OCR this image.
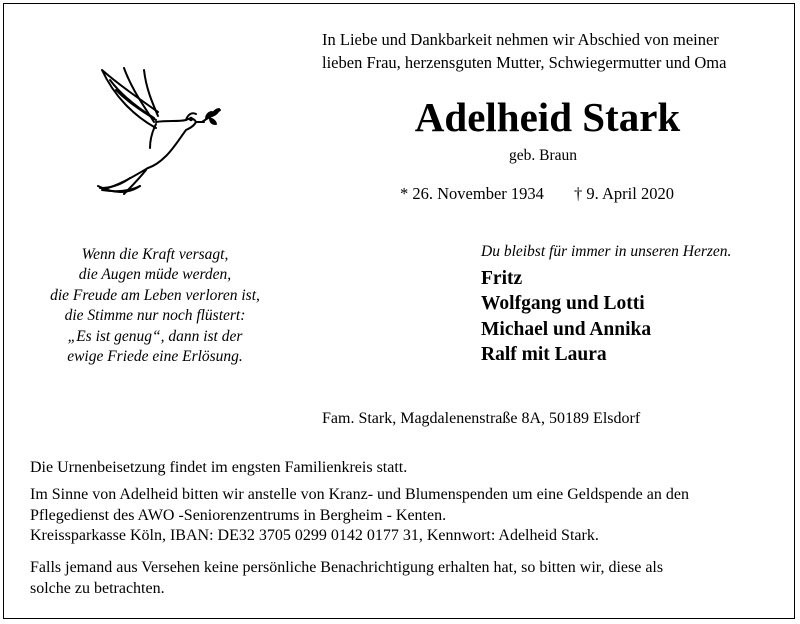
In Liebe und Dankbarkeit nehmen wir Abschied von meiner
lieben Frau, herzensguten Mutter, Schwiegermutter und Oma
Adelheid Stark
geb. Braun
* 26. November 1934 † 9. April 2020
Wenn die Kraft versagt,
die Augen müde werden,
die Freude am Leben verloren ist,
die Stimme nur noch flüstert:
„Es ist genug“, dann ist der
ewige Friede eine Erlösung.
Du bleibst für immer in unseren Herzen.
Fritz
Wolfgang und Lotti
Michael und Annika
Ralf mit Laura
Fam. Stark, Magdalenenstraße 8A, 50189 Elsdorf
Die Urnenbeisetzung findet im engsten Familienkreis statt.
Im Sinne von Adelheid bitten wir anstelle von Kranz- und Blumenspenden um eine Geldspende an den
Pflegedienst des AWO -Seniorenzentrums in Bergheim - Kenten.
Kreissparkasse Köln, IBAN: DE32 3705 0299 0142 0177 31, Kennwort: Adelheid Stark.
Falls jemand aus Versehen keine persönliche Benachrichtigung erhalten hat, so bitten wir, diese als
solche zu betrachten.
